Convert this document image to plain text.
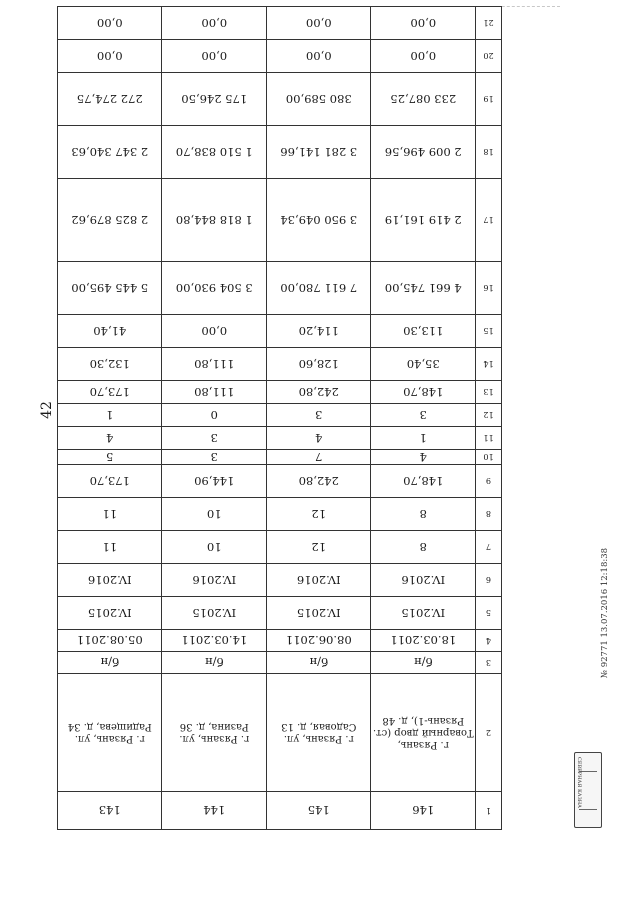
42
1	146	145	144	143
2	г. Рязань, Товарный двор (ст. Рязань-1), д. 48	г. Рязань, ул. Садовая, д. 13	г. Рязань, ул. Разина, д. 36	г. Рязань, ул. Радищева, д. 34
3	б/н	б/н	б/н	б/н
4	18.03.2011	08.06.2011	14.03.2011	05.08.2011
5	IV.2015	IV.2015	IV.2015	IV.2015
6	IV.2016	IV.2016	IV.2016	IV.2016
7	8	12	10	11
8	8	12	10	11
9	148,70	242,80	144,90	173,70
10	4	7	3	5
11	1	4	3	4
12	3	3	0	1
13	148,70	242,80	111,80	173,70
14	35,40	128,60	111,80	132,30
15	113,30	114,20	0,00	41,40
16	4 661 745,00	7 611 780,00	3 504 930,00	5 445 495,00
17	2 419 161,19	3 950 049,34	1 818 844,80	2 825 879,62
18	2 009 496,56	3 281 141,66	1 510 838,70	2 347 340,63
19	233 087,25	380 589,00	175 246,50	272 274,75
20	0,00	0,00	0,00	0,00
21	0,00	0,00	0,00	0,00
СЕВЕРНАЯ КАЗНА
№ 92771 13.07.2016 12:18:38
